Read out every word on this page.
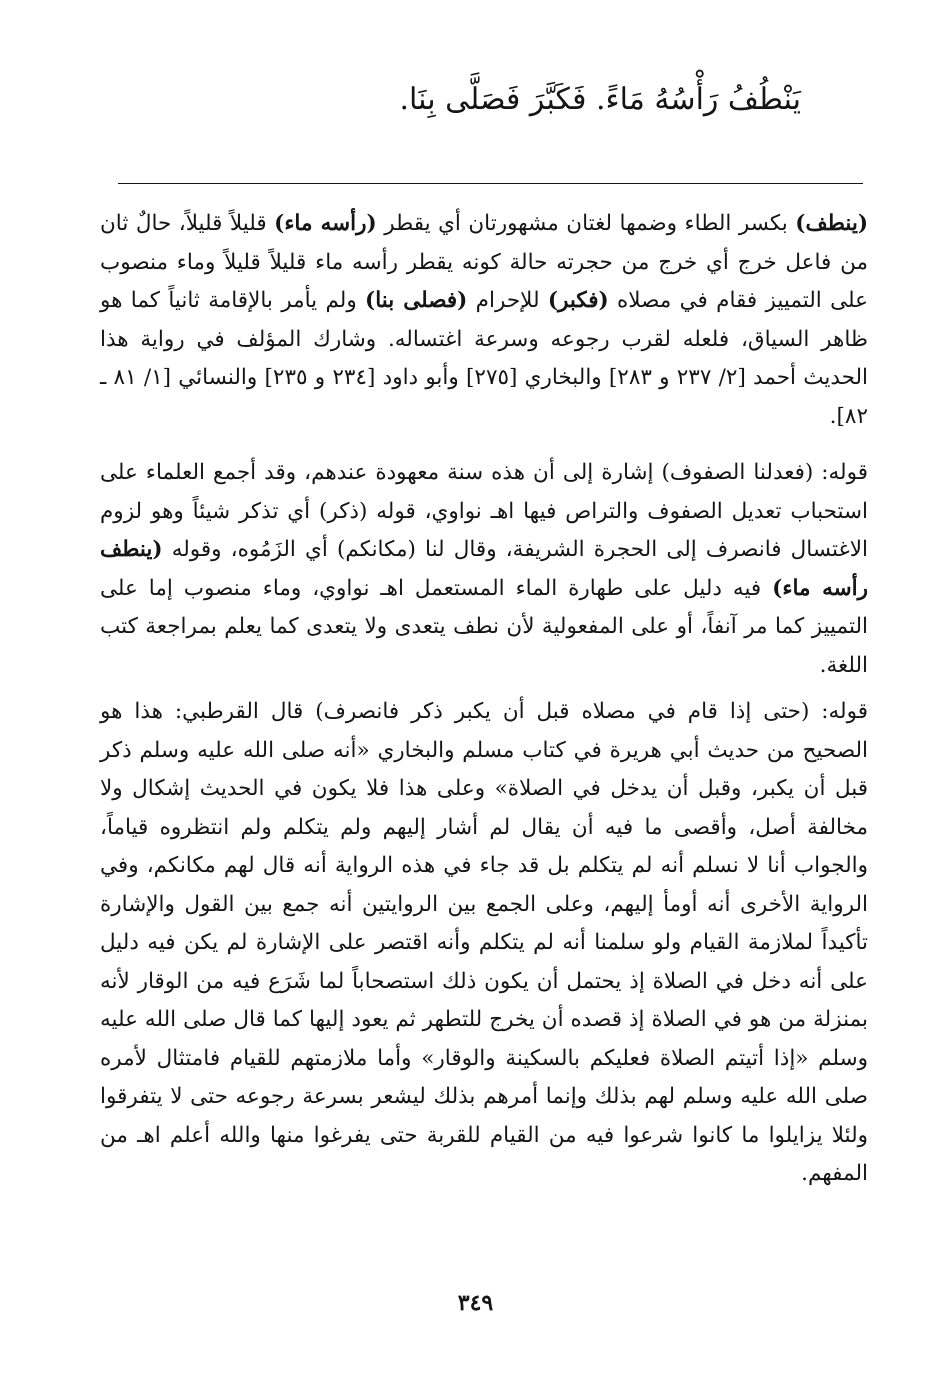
يَنْطُفُ رَأْسُهُ مَاءً. فَكَبَّرَ فَصَلَّى بِنَا.

(ينطف) بكسر الطاء وضمها لغتان مشهورتان أي يقطر (رأسه ماء) قليلاً قليلاً، حالٌ ثان من فاعل خرج أي خرج من حجرته حالة كونه يقطر رأسه ماء قليلاً قليلاً وماء منصوب على التمييز فقام في مصلاه (فكبر) للإحرام (فصلى بنا) ولم يأمر بالإقامة ثانياً كما هو ظاهر السياق، فلعله لقرب رجوعه وسرعة اغتساله. وشارك المؤلف في رواية هذا الحديث أحمد [٢/ ٢٣٧ و ٢٨٣] والبخاري [٢٧٥] وأبو داود [٢٣٤ و ٢٣٥] والنسائي [١/ ٨١ ـ ٨٢].

قوله: (فعدلنا الصفوف) إشارة إلى أن هذه سنة معهودة عندهم، وقد أجمع العلماء على استحباب تعديل الصفوف والتراص فيها اهـ نواوي، قوله (ذكر) أي تذكر شيئاً وهو لزوم الاغتسال فانصرف إلى الحجرة الشريفة، وقال لنا (مكانكم) أي الزَمُوه، وقوله (ينطف رأسه ماء) فيه دليل على طهارة الماء المستعمل اهـ نواوي، وماء منصوب إما على التمييز كما مر آنفاً، أو على المفعولية لأن نطف يتعدى ولا يتعدى كما يعلم بمراجعة كتب اللغة.

قوله: (حتى إذا قام في مصلاه قبل أن يكبر ذكر فانصرف) قال القرطبي: هذا هو الصحيح من حديث أبي هريرة في كتاب مسلم والبخاري «أنه صلى الله عليه وسلم ذكر قبل أن يكبر، وقبل أن يدخل في الصلاة» وعلى هذا فلا يكون في الحديث إشكال ولا مخالفة أصل، وأقصى ما فيه أن يقال لم أشار إليهم ولم يتكلم ولم انتظروه قياماً، والجواب أنا لا نسلم أنه لم يتكلم بل قد جاء في هذه الرواية أنه قال لهم مكانكم، وفي الرواية الأخرى أنه أومأ إليهم، وعلى الجمع بين الروايتين أنه جمع بين القول والإشارة تأكيداً لملازمة القيام ولو سلمنا أنه لم يتكلم وأنه اقتصر على الإشارة لم يكن فيه دليل على أنه دخل في الصلاة إذ يحتمل أن يكون ذلك استصحاباً لما شَرَع فيه من الوقار لأنه بمنزلة من هو في الصلاة إذ قصده أن يخرج للتطهر ثم يعود إليها كما قال صلى الله عليه وسلم «إذا أتيتم الصلاة فعليكم بالسكينة والوقار» وأما ملازمتهم للقيام فامتثال لأمره صلى الله عليه وسلم لهم بذلك وإنما أمرهم بذلك ليشعر بسرعة رجوعه حتى لا يتفرقوا ولئلا يزايلوا ما كانوا شرعوا فيه من القيام للقربة حتى يفرغوا منها والله أعلم اهـ من المفهم.

٣٤٩
